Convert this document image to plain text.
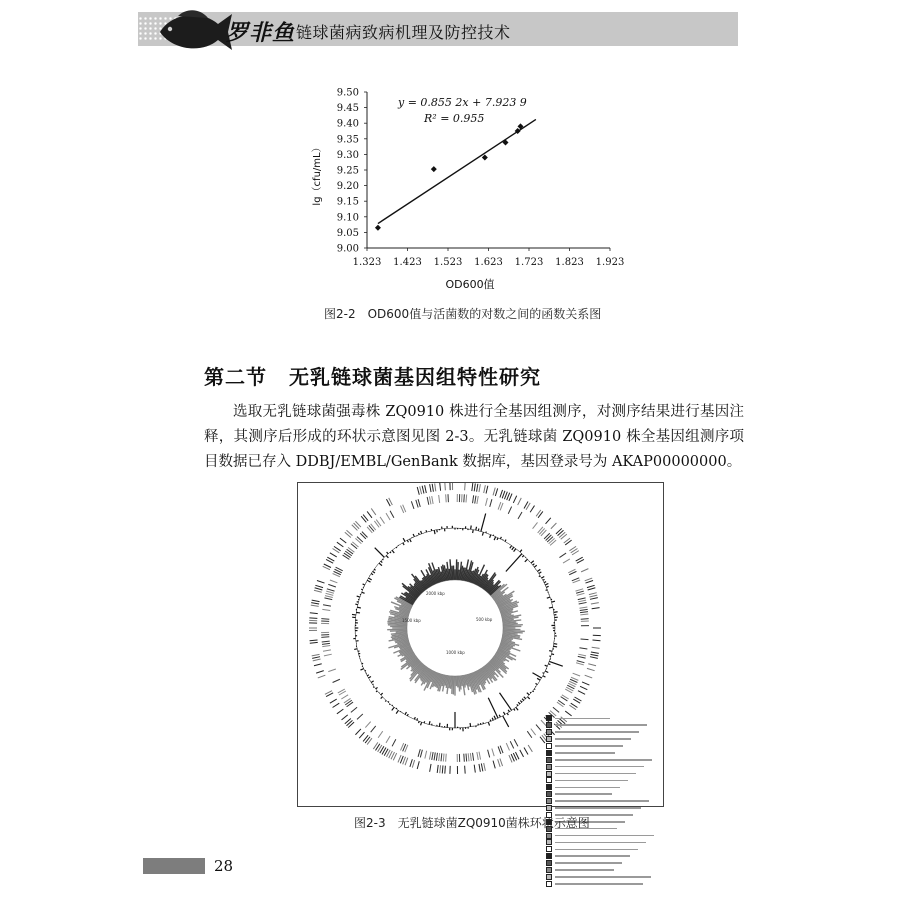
罗非鱼 链球菌病致病机理及防控技术
9.00
9.05
9.10
9.15
9.20
9.25
9.30
9.35
9.40
9.45
9.50
1.323 1.423 1.523 1.623 1.723 1.823 1.923
y = 0.855 2x + 7.923 9
R² = 0.955
lg（cfu/mL）
OD600值
图2-2　OD600值与活菌数的对数之间的函数关系图
第二节 无乳链球菌基因组特性研究
选取无乳链球菌强毒株 ZQ0910 株进行全基因组测序，对测序结果进行基因注释，其测序后形成的环状示意图见图 2-3。无乳链球菌 ZQ0910 株全基因组测序项目数据已存入 DDBJ/EMBL/GenBank 数据库，基因登录号为 AKAP00000000。
2000 kbp
500 kbp
1500 kbp
1000 kbp
图2-3　无乳链球菌ZQ0910菌株环状示意图
28
